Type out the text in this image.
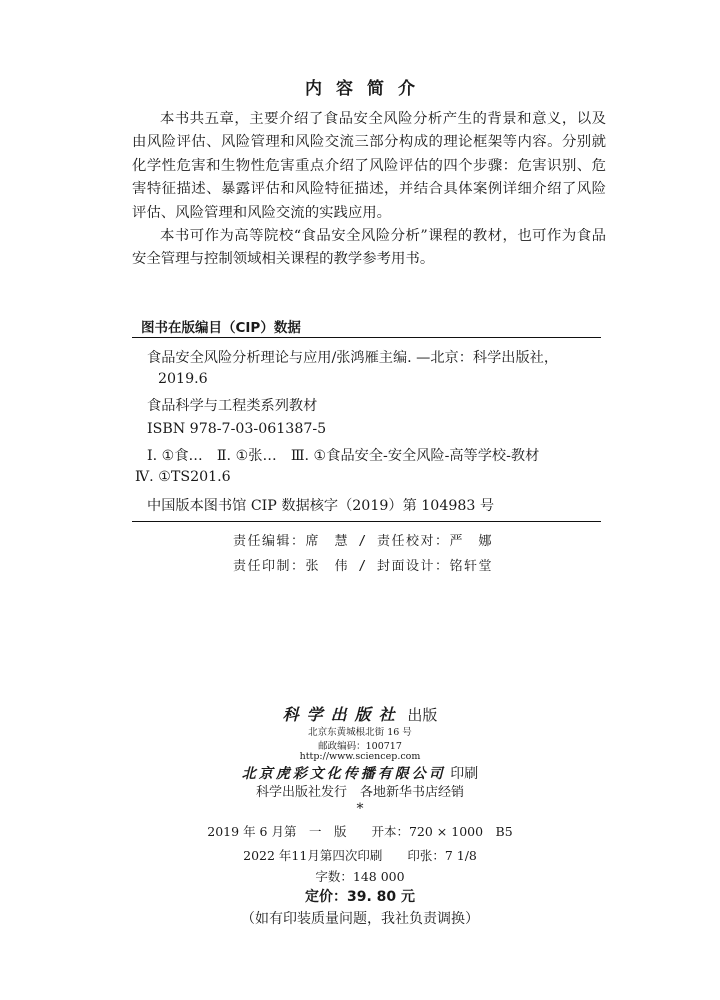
内容简介

本书共五章，主要介绍了食品安全风险分析产生的背景和意义，以及由风险评估、风险管理和风险交流三部分构成的理论框架等内容。分别就化学性危害和生物性危害重点介绍了风险评估的四个步骤：危害识别、危害特征描述、暴露评估和风险特征描述，并结合具体案例详细介绍了风险评估、风险管理和风险交流的实践应用。

本书可作为高等院校“食品安全风险分析”课程的教材，也可作为食品安全管理与控制领域相关课程的教学参考用书。

图书在版编目（CIP）数据
食品安全风险分析理论与应用/张鸿雁主编. —北京：科学出版社，
2019.6
食品科学与工程类系列教材
ISBN 978-7-03-061387-5
Ⅰ. ①食…　Ⅱ. ①张…　Ⅲ. ①食品安全-安全风险-高等学校-教材
Ⅳ. ①TS201.6
中国版本图书馆 CIP 数据核字（2019）第 104983 号
责任编辑：席　慧 / 责任校对：严　娜
责任印制：张　伟 / 封面设计：铭轩堂
科学出版社 出版
北京东黄城根北街 16 号
邮政编码：100717
http://www.sciencep.com
北京虎彩文化传播有限公司 印刷
科学出版社发行　各地新华书店经销
*
2019 年 6 月第　一　版　　开本：720 × 1000　B5
2022 年11月第四次印刷　　印张：7 1/8
字数：148 000
定价：39. 80 元
（如有印装质量问题，我社负责调换）
